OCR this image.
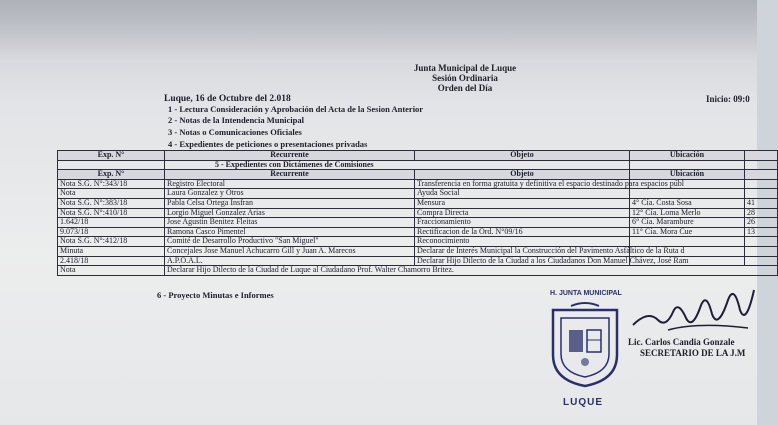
Junta Municipal de Luque
Sesión Ordinaria
Orden del Día
Luque, 16 de Octubre del 2.018	Inicio: 09:0
1 - Lectura Consideración y Aprobación del Acta de la Sesion Anterior
2 - Notas de la Intendencia Municipal
3 - Notas o Comunicaciones Oficiales
4 - Expedientes de peticiones o presentaciones privadas
Exp. N°	Recurrente	Objeto	Ubicación	
	5 - Expedientes con Dictámenes de Comisiones			
Exp. N°	Recurrente	Objeto	Ubicación	
Nota S.G. N°:343/18	Registro Electoral	Transferencia en forma gratuita y definitiva el espacio destinado para espacios públ		
Nota	Laura Gonzalez y Otros	Ayuda Social		
Nota S.G. N°:383/18	Pabla Celsa Ortega Insfran	Mensura	4° Cía. Costa Sosa	41
Nota S.G. N°:410/18	Lorgio Miguel Gonzalez Arias	Compra Directa	12° Cía. Loma Merlo	28
1.642/18	Jose Agustin Benitez Fleitas	Fraccionamiento	6° Cía. Marambure	26
9.073/18	Ramona Casco Pimentel	Rectificacion de la Ord. N°09/16	11° Cía. Mora Cue	13
Nota S.G. N°:412/18	Comité de Desarrollo Productivo "San Miguel"	Reconocimiento		
Minuta	Concejales Jose Manuel Achucarro Gill y Juan A. Marecos	Declarar de Interés Municipal la Construcción del Pavimento Asfáltico de la Ruta d		
2.418/18	A.P.O.A.L.	Declarar Hijo Dilecto de la Ciudad a los Ciudadanos Don Manuel Chávez, José Ram		
Nota	Declarar Hijo Dilecto de la Ciudad de Luque al Ciudadano Prof. Walter Chamorro Britez.			
6 - Proyecto Minutas e Informes	H. JUNTA MUNICIPAL
LUQUE
Lic. Carlos Candia Gonzale
SECRETARIO DE LA J.M
